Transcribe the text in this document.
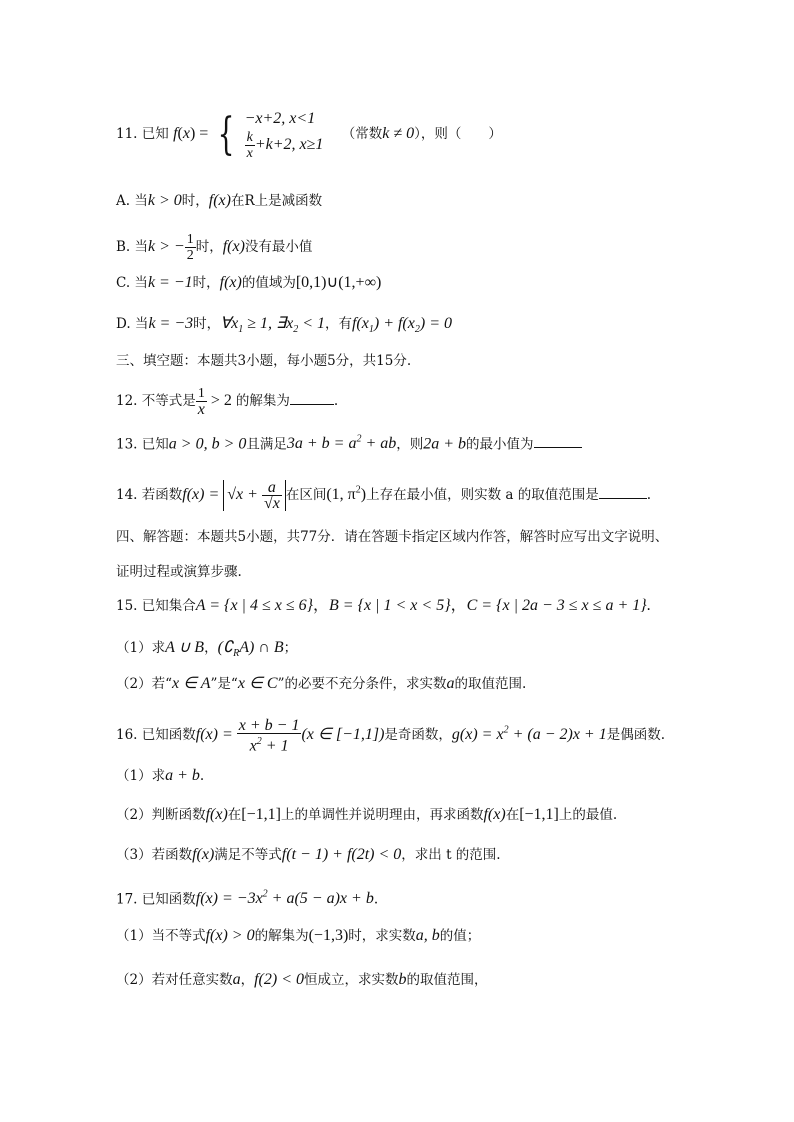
11. 已知 f(x) = { −x+2, x<1
$\frac{k}{x} +k+2$, x≥1
（常数k ≠ 0），则（　　）
A. 当k > 0时，f(x)在R上是减函数
B. 当k > − $\frac{1}{2}$ 时，f(x)没有最小值
C. 当k = −1时，f(x)的值域为[0,1)∪(1,+∞)
D. 当k = −3时，$\forall x_1 \ge 1$, $\exists x_2 < 1$，有$f(x_1) + f(x_2) = 0$
三、填空题：本题共3小题，每小题5分，共15分.
12. 不等式是 $\frac{1}{x} > 2$ 的解集为	.
13. 已知a > 0, b > 0且满足$3a + b = a^2$ + ab，则2a + b的最小值为
14. 若函数$f(x) = √x + \frac{a}{√x}$ 在区间(1, $\pi^2$)上存在最小值，则实数 a 的取值范围是	.
四、解答题：本题共5小题，共77分．请在答题卡指定区域内作答，解答时应写出文字说明、
证明过程或演算步骤.
15. 已知集合A = {x | 4 ≤ x ≤ 6}，B = {x | 1 < x < 5}，C = {x | 2a − 3 ≤ x ≤ a + 1}.
（1）求A ∪ B，$(∁_RA)$ ∩ B；
（2）若“x ∈ A”是“x ∈ C”的必要不充分条件，求实数a的取值范围.
16. 已知函数$f(x) = \frac{x + b - 1}{x^2 + 1} (x$ ∈ [−1,1])是奇函数，$g(x) = x^2 + (a - 2)x + 1$是偶函数.
（1）求a + b.
（2）判断函数f(x)在[−1,1]上的单调性并说明理由，再求函数f(x)在[−1,1]上的最值.
（3）若函数f(x)满足不等式f(t − 1) + f(2t) < 0，求出 t 的范围.
17. 已知函数$f(x) = -3x^2 + a(5 - a)x + b$.
（1）当不等式f(x) > 0的解集为(−1,3)时，求实数a, b的值；
（2）若对任意实数a，f(2) < 0恒成立，求实数b的取值范围，
